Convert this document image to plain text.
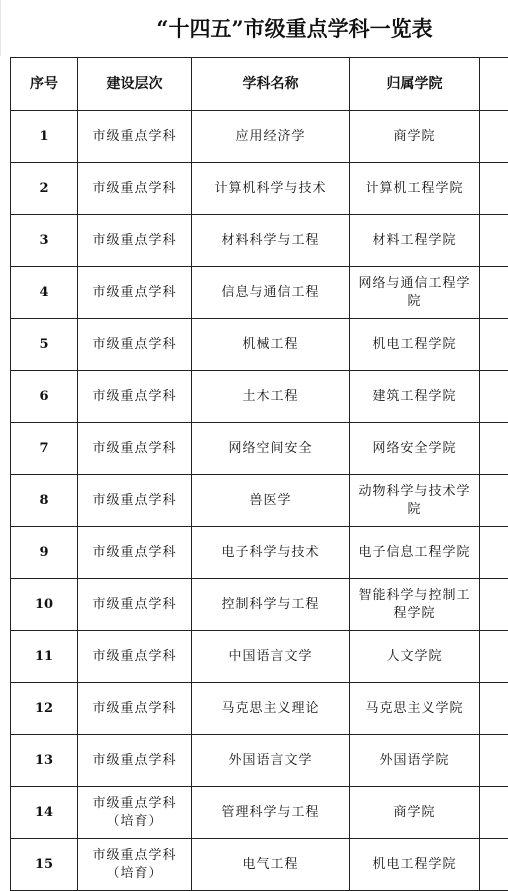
“十四五”市级重点学科一览表
序号	建设层次	学科名称	归属学院	
1	市级重点学科	应用经济学	商学院	
2	市级重点学科	计算机科学与技术	计算机工程学院	
3	市级重点学科	材料科学与工程	材料工程学院	
4	市级重点学科	信息与通信工程	网络与通信工程学院	
5	市级重点学科	机械工程	机电工程学院	
6	市级重点学科	土木工程	建筑工程学院	
7	市级重点学科	网络空间安全	网络安全学院	
8	市级重点学科	兽医学	动物科学与技术学院	
9	市级重点学科	电子科学与技术	电子信息工程学院	
10	市级重点学科	控制科学与工程	智能科学与控制工程学院	
11	市级重点学科	中国语言文学	人文学院	
12	市级重点学科	马克思主义理论	马克思主义学院	
13	市级重点学科	外国语言文学	外国语学院	
14	市级重点学科（培育）	管理科学与工程	商学院	
15	市级重点学科（培育）	电气工程	机电工程学院	
